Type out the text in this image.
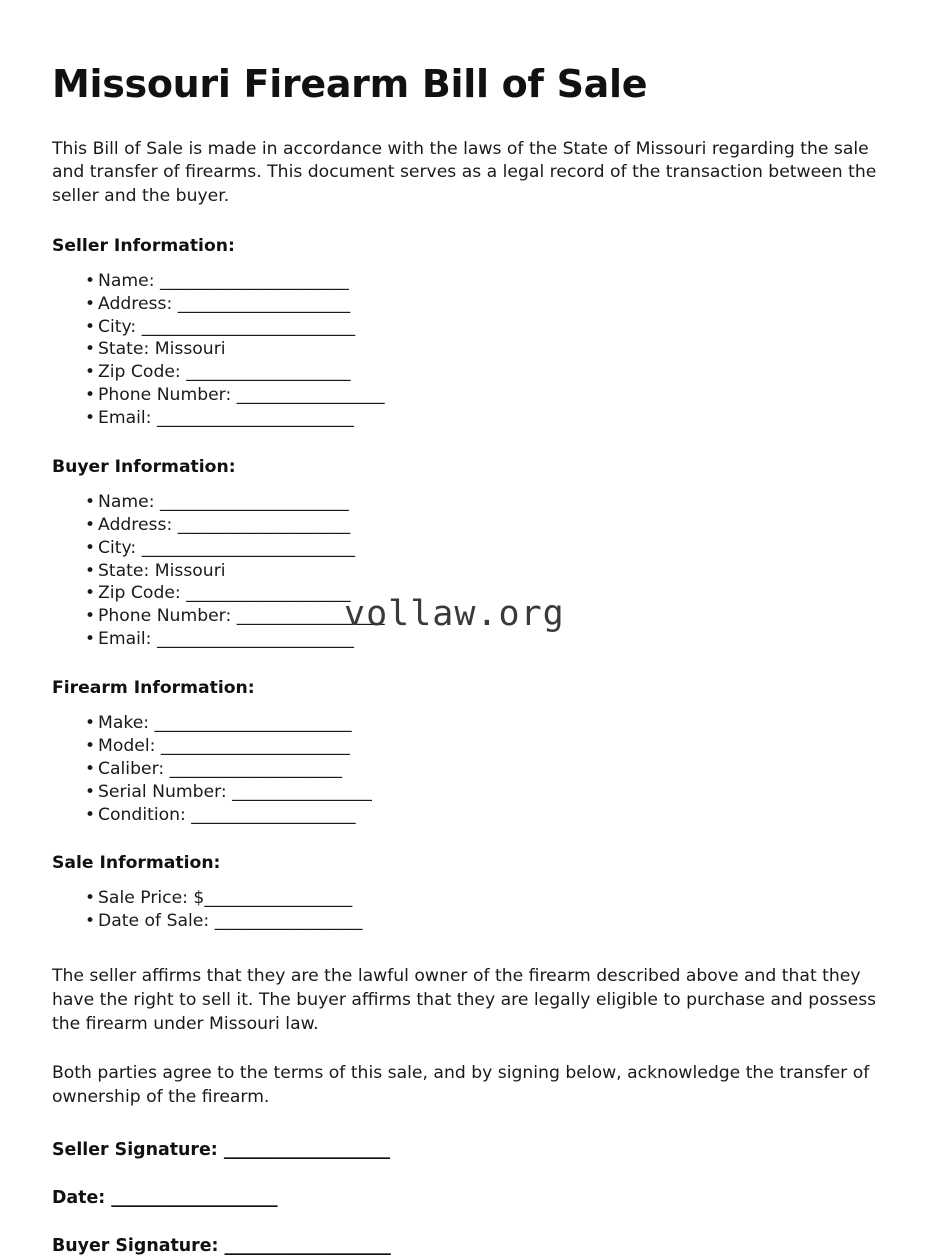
Missouri Firearm Bill of Sale

This Bill of Sale is made in accordance with the laws of the State of Missouri regarding the sale and transfer of firearms. This document serves as a legal record of the transaction between the seller and the buyer.

Seller Information:
• Name: _______________________
• Address: _____________________
• City: __________________________
• State: Missouri
• Zip Code: ____________________
• Phone Number: __________________
• Email: ________________________
Buyer Information:
• Name: _______________________
• Address: _____________________
• City: __________________________
• State: Missouri
• Zip Code: ____________________
• Phone Number: __________________
• Email: ________________________
Firearm Information:
• Make: ________________________
• Model: _______________________
• Caliber: _____________________
• Serial Number: _________________
• Condition: ____________________
Sale Information:
• Sale Price: $__________________
• Date of Sale: __________________

The seller affirms that they are the lawful owner of the firearm described above and that they have the right to sell it. The buyer affirms that they are legally eligible to purchase and possess the firearm under Missouri law.

Both parties agree to the terms of this sale, and by signing below, acknowledge the transfer of ownership of the firearm.

Seller Signature: ____________________
Date: ____________________
Buyer Signature: ____________________
vollaw.org
